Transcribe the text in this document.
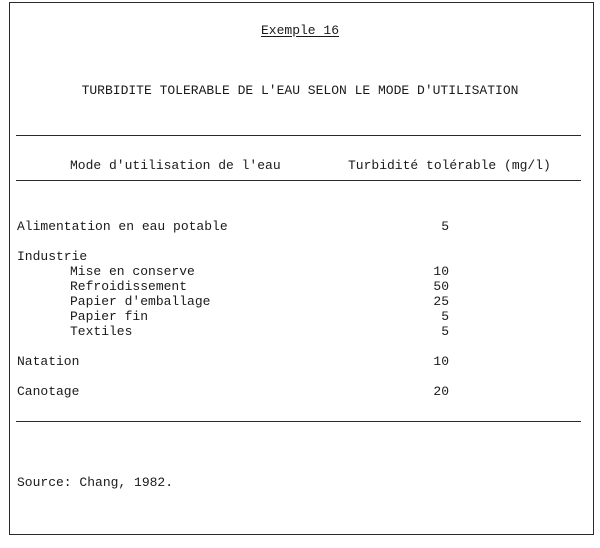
Exemple 16
TURBIDITE TOLERABLE DE L'EAU SELON LE MODE D'UTILISATION
Mode d'utilisation de l'eau	Turbidité tolérable (mg/l)
Alimentation en eau potable	5
Industrie
Mise en conserve	10
Refroidissement	50
Papier d'emballage	25
Papier fin	5
Textiles	5
Natation	10
Canotage	20
Source: Chang, 1982.
